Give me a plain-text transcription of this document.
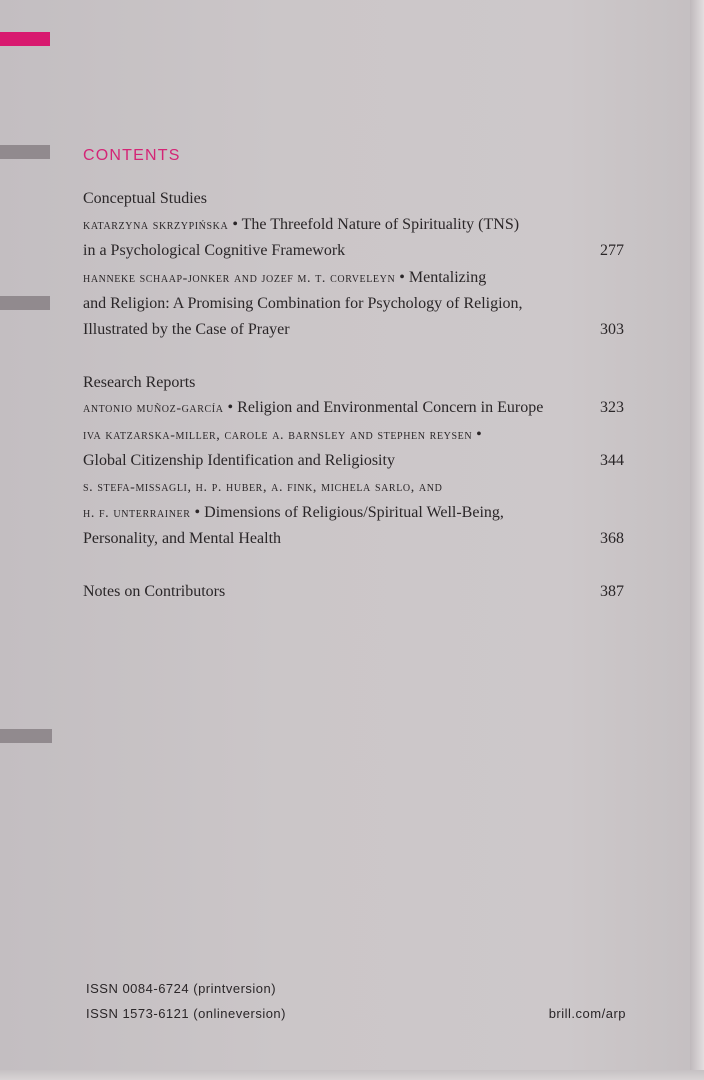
CONTENTS
Conceptual Studies
katarzyna skrzypińska • The Threefold Nature of Spirituality (TNS)
in a Psychological Cognitive Framework	277
hanneke schaap-jonker and jozef m. t. corveleyn • Mentalizing
and Religion: A Promising Combination for Psychology of Religion,
Illustrated by the Case of Prayer	303
Research Reports
antonio muñoz-garcía • Religion and Environmental Concern in Europe	323
iva katzarska-miller, carole a. barnsley and stephen reysen •
Global Citizenship Identification and Religiosity	344
s. stefa-missagli, h. p. huber, a. fink, michela sarlo, and
h. f. unterrainer • Dimensions of Religious/Spiritual Well-Being,
Personality, and Mental Health	368
Notes on Contributors	387
ISSN 0084-6724 (printversion)
ISSN 1573-6121 (onlineversion)	brill.com/arp
